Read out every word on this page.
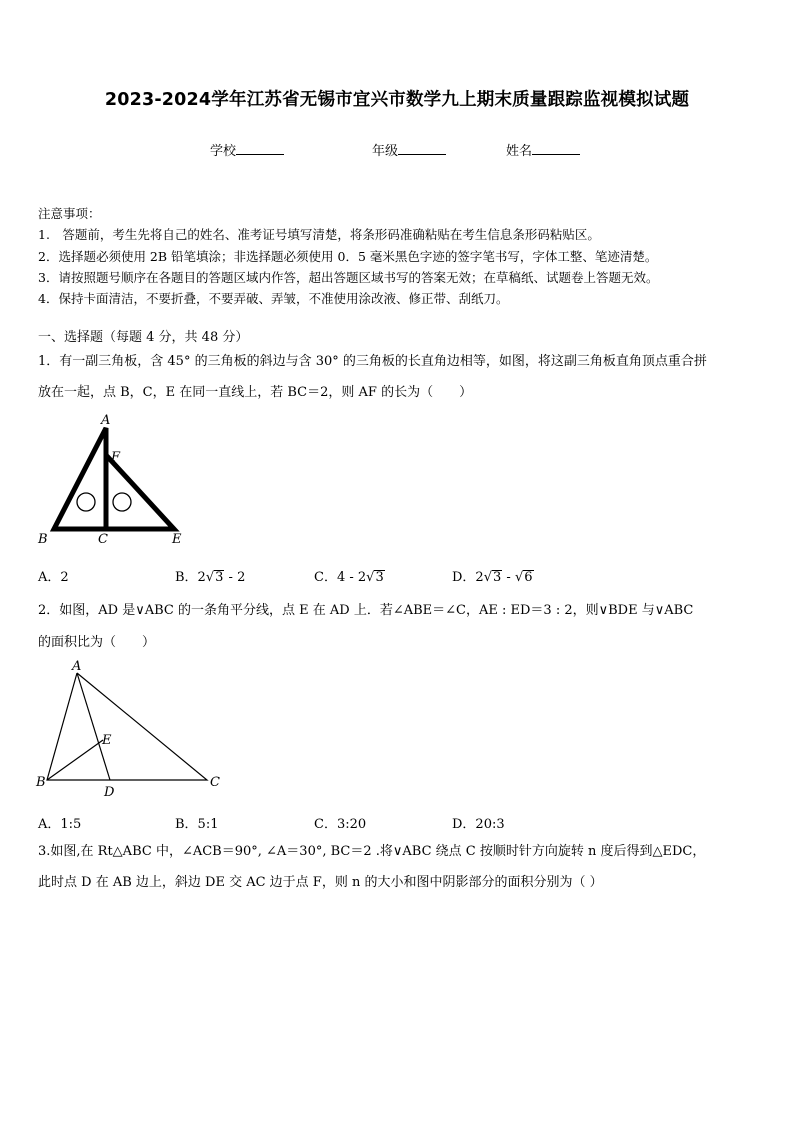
2023-2024学年江苏省无锡市宜兴市数学九上期末质量跟踪监视模拟试题
学校	年级	姓名
注意事项：
1.　答题前，考生先将自己的姓名、准考证号填写清楚，将条形码准确粘贴在考生信息条形码粘贴区。
2．选择题必须使用 2B 铅笔填涂；非选择题必须使用 0．5 毫米黑色字迹的签字笔书写，字体工整、笔迹清楚。
3．请按照题号顺序在各题目的答题区域内作答，超出答题区域书写的答案无效；在草稿纸、试题卷上答题无效。
4．保持卡面清洁，不要折叠，不要弄破、弄皱，不准使用涂改液、修正带、刮纸刀。
一、选择题（每题 4 分，共 48 分）
1．有一副三角板，含 45° 的三角板的斜边与含 30° 的三角板的长直角边相等，如图，将这副三角板直角顶点重合拼
放在一起，点 B，C，E 在同一直线上，若 BC＝2，则 AF 的长为（　　）
A
F
B	C	E
A．2	B．2√3 - 2	C．4 - 2√3	D．2√3 - √6
2．如图，AD 是∨ABC 的一条角平分线，点 E 在 AD 上．若∠ABE＝∠C，AE : ED＝3 : 2，则∨BDE 与∨ABC
的面积比为（　　）
A
E
B
D
C
A．1:5	B．5:1	C．3:20	D．20:3
3.如图,在 Rt△ABC 中，∠ACB＝90°, ∠A＝30°, BC＝2 .将∨ABC 绕点 C 按顺时针方向旋转 n 度后得到△EDC，
此时点 D 在 AB 边上，斜边 DE 交 AC 边于点 F，则 n 的大小和图中阴影部分的面积分别为（ ）
